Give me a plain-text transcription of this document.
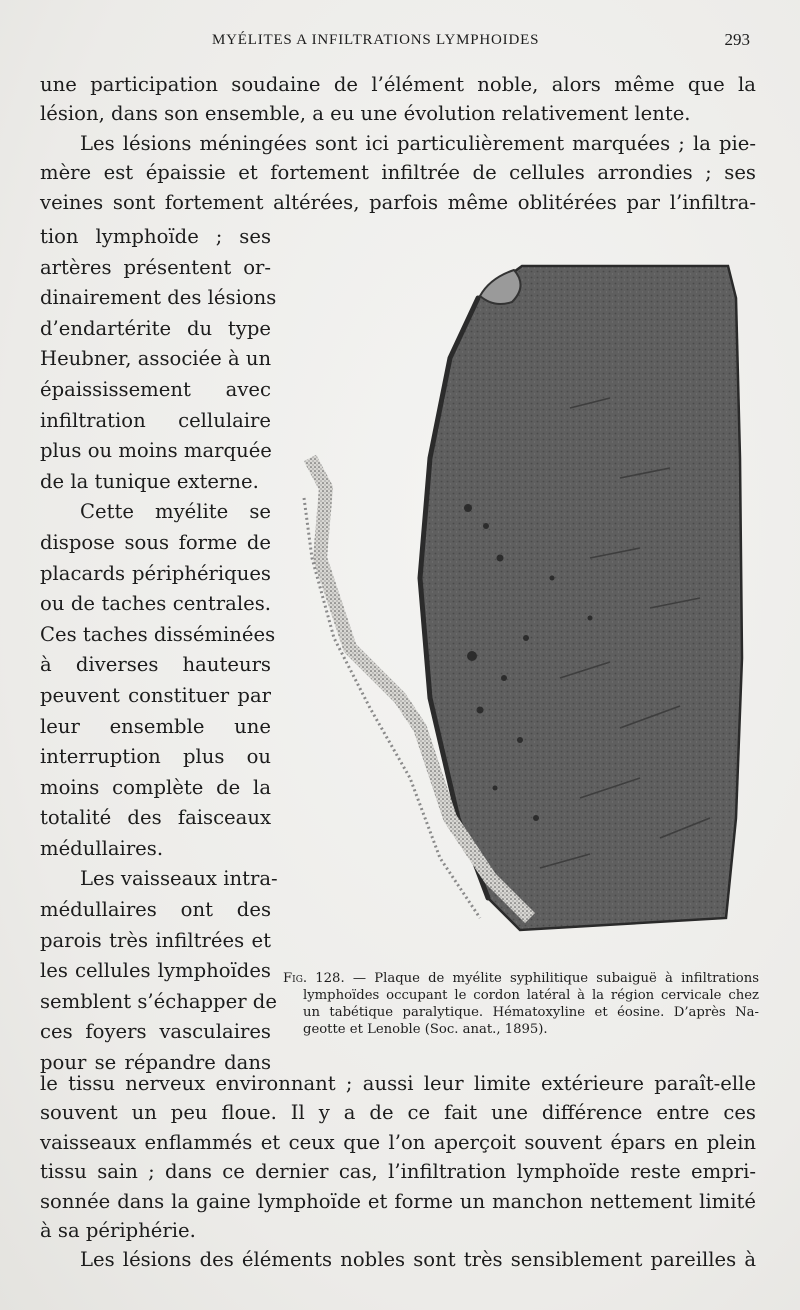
MYÉLITES A INFILTRATIONS LYMPHOIDES	293
une participation soudaine de l’élément noble, alors même que la
lésion, dans son ensemble, a eu une évolution relativement lente.
Les lésions méningées sont ici particulièrement marquées ; la pie-
mère est épaissie et fortement infiltrée de cellules arrondies ; ses
veines sont fortement altérées, parfois même oblitérées par l’infiltra-
tion lymphoïde ; ses
artères présentent or-
dinairement des lésions
d’endartérite du type
Heubner, associée à un
épaississement avec
infiltration cellulaire
plus ou moins marquée
de la tunique externe.
Cette myélite se
dispose sous forme de
placards périphériques
ou de taches centrales.
Ces taches disséminées
à diverses hauteurs
peuvent constituer par
leur ensemble une
interruption plus ou
moins complète de la
totalité des faisceaux
médullaires.
Les vaisseaux intra-
médullaires ont des
parois très infiltrées et
les cellules lymphoïdes
semblent s’échapper de
ces foyers vasculaires
pour se répandre dans
Fig. 128. — Plaque de myélite syphilitique subaiguë à infiltrations
lymphoïdes occupant le cordon latéral à la région cervicale chez
un tabétique paralytique. Hématoxyline et éosine. D’après Na-
geotte et Lenoble (Soc. anat., 1895).
le tissu nerveux environnant ; aussi leur limite extérieure paraît-elle
souvent un peu floue. Il y a de ce fait une différence entre ces
vaisseaux enflammés et ceux que l’on aperçoit souvent épars en plein
tissu sain ; dans ce dernier cas, l’infiltration lymphoïde reste empri-
sonnée dans la gaine lymphoïde et forme un manchon nettement limité
à sa périphérie.
Les lésions des éléments nobles sont très sensiblement pareilles à
